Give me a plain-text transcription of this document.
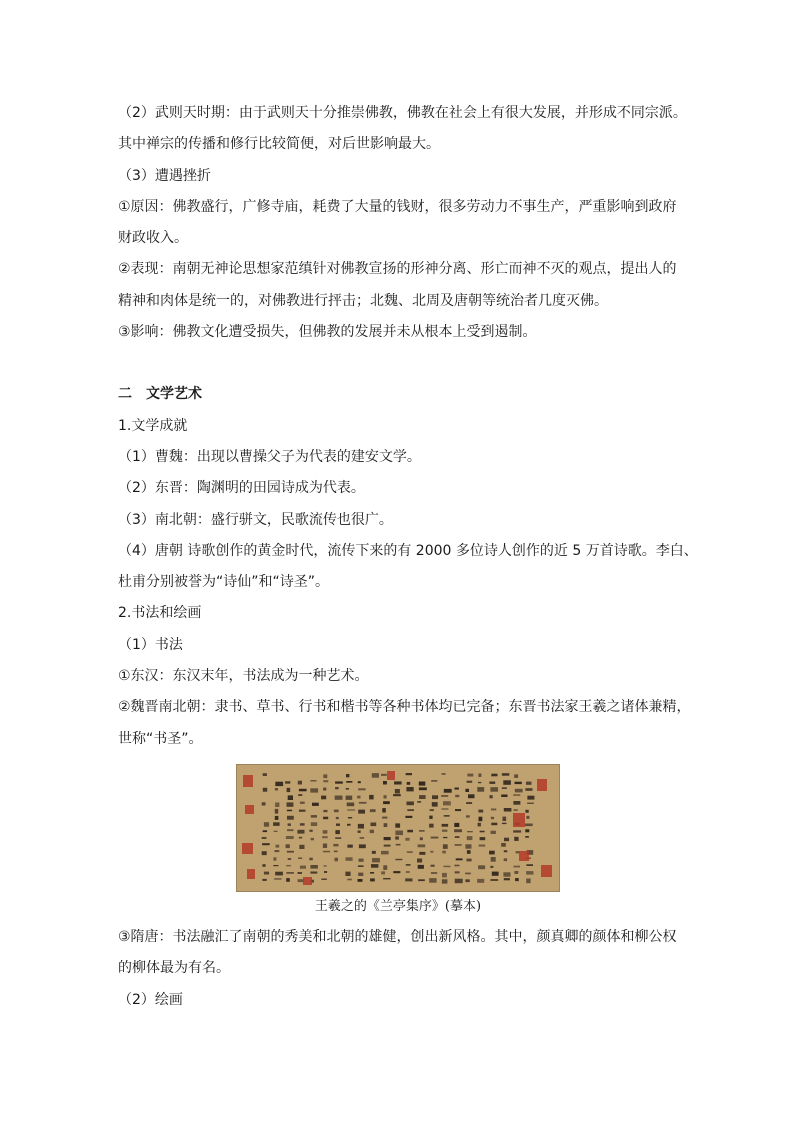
（2）武则天时期：由于武则天十分推崇佛教，佛教在社会上有很大发展，并形成不同宗派。
其中禅宗的传播和修行比较简便，对后世影响最大。
（3）遭遇挫折
①原因：佛教盛行，广修寺庙，耗费了大量的钱财，很多劳动力不事生产，严重影响到政府
财政收入。
②表现：南朝无神论思想家范缜针对佛教宣扬的形神分离、形亡而神不灭的观点，提出人的
精神和肉体是统一的，对佛教进行抨击；北魏、北周及唐朝等统治者几度灭佛。
③影响：佛教文化遭受损失，但佛教的发展并未从根本上受到遏制。
二　文学艺术
1.文学成就
（1）曹魏：出现以曹操父子为代表的建安文学。
（2）东晋：陶渊明的田园诗成为代表。
（3）南北朝：盛行骈文，民歌流传也很广。
（4）唐朝 诗歌创作的黄金时代，流传下来的有 2000 多位诗人创作的近 5 万首诗歌。李白、
杜甫分别被誉为“诗仙”和“诗圣”。
2.书法和绘画
（1）书法
①东汉：东汉末年，书法成为一种艺术。
②魏晋南北朝：隶书、草书、行书和楷书等各种书体均已完备；东晋书法家王羲之诸体兼精，
世称“书圣”。
王羲之的《兰亭集序》(摹本)
③隋唐：书法融汇了南朝的秀美和北朝的雄健，创出新风格。其中，颜真卿的颜体和柳公权
的柳体最为有名。
（2）绘画
